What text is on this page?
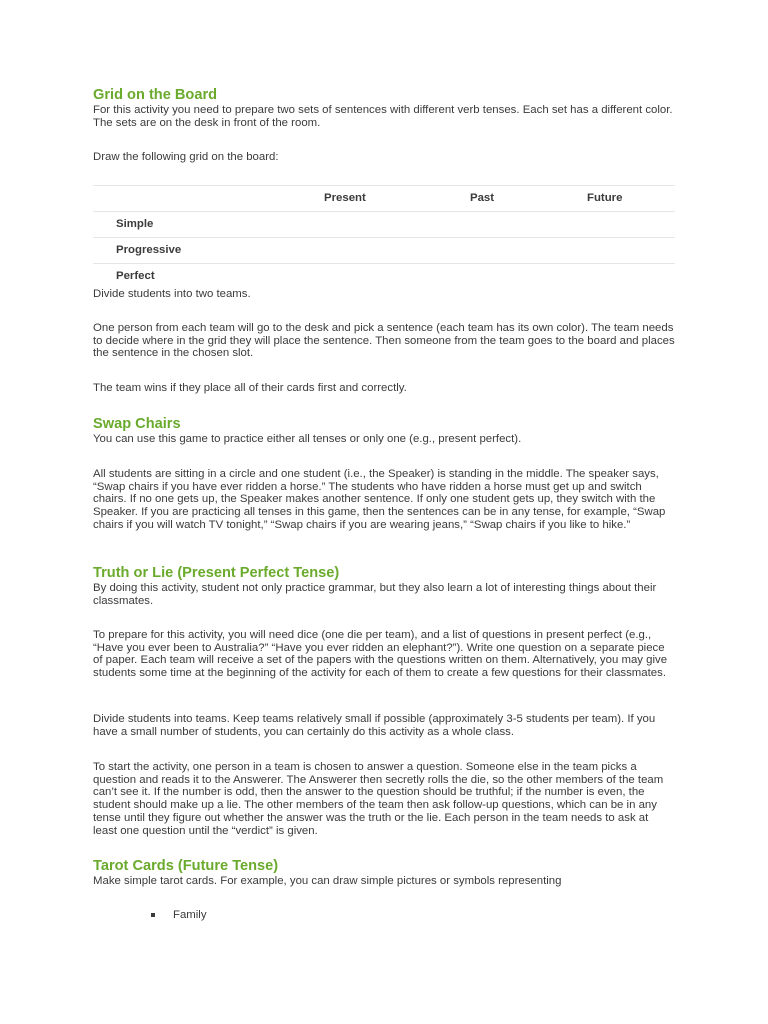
Grid on the Board

For this activity you need to prepare two sets of sentences with different verb tenses. Each set has a different color. The sets are on the desk in front of the room.

Draw the following grid on the board:

	Present	Past	Future
Simple			
Progressive			
Perfect			

Divide students into two teams.

One person from each team will go to the desk and pick a sentence (each team has its own color). The team needs to decide where in the grid they will place the sentence. Then someone from the team goes to the board and places the sentence in the chosen slot.

The team wins if they place all of their cards first and correctly.

Swap Chairs

You can use this game to practice either all tenses or only one (e.g., present perfect).

All students are sitting in a circle and one student (i.e., the Speaker) is standing in the middle. The speaker says, “Swap chairs if you have ever ridden a horse.” The students who have ridden a horse must get up and switch chairs. If no one gets up, the Speaker makes another sentence. If only one student gets up, they switch with the Speaker. If you are practicing all tenses in this game, then the sentences can be in any tense, for example, “Swap chairs if you will watch TV tonight,” “Swap chairs if you are wearing jeans,” “Swap chairs if you like to hike.”

Truth or Lie (Present Perfect Tense)

By doing this activity, student not only practice grammar, but they also learn a lot of interesting things about their classmates.

To prepare for this activity, you will need dice (one die per team), and a list of questions in present perfect (e.g., “Have you ever been to Australia?” “Have you ever ridden an elephant?”). Write one question on a separate piece of paper. Each team will receive a set of the papers with the questions written on them. Alternatively, you may give students some time at the beginning of the activity for each of them to create a few questions for their classmates.

Divide students into teams. Keep teams relatively small if possible (approximately 3-5 students per team). If you have a small number of students, you can certainly do this activity as a whole class.

To start the activity, one person in a team is chosen to answer a question. Someone else in the team picks a question and reads it to the Answerer. The Answerer then secretly rolls the die, so the other members of the team can’t see it. If the number is odd, then the answer to the question should be truthful; if the number is even, the student should make up a lie. The other members of the team then ask follow-up questions, which can be in any tense until they figure out whether the answer was the truth or the lie. Each person in the team needs to ask at least one question until the “verdict” is given.

Tarot Cards (Future Tense)

Make simple tarot cards. For example, you can draw simple pictures or symbols representing

Family
